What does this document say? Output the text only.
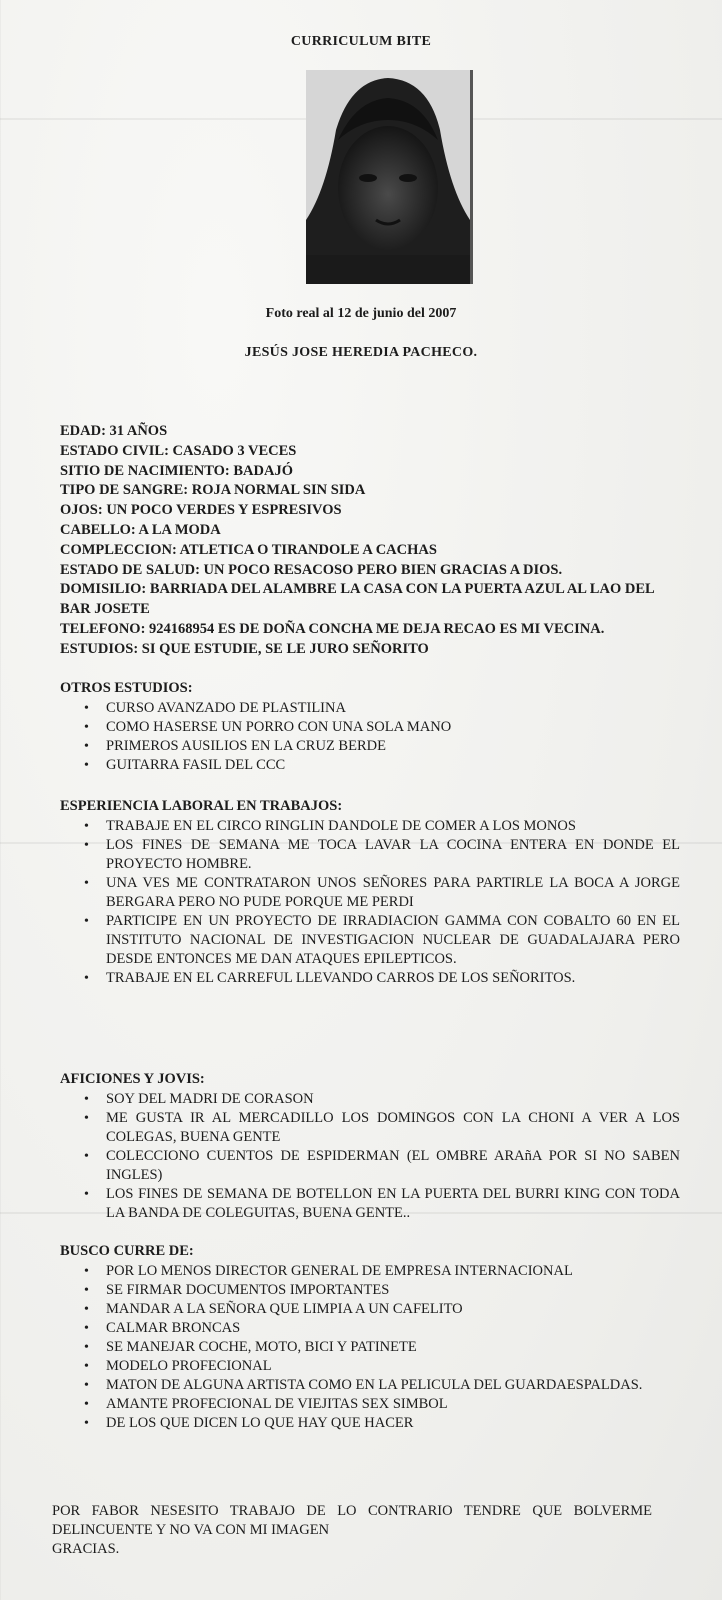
CURRICULUM BITE
Foto real al 12 de junio del 2007
JESÚS JOSE HEREDIA PACHECO.
EDAD: 31 AÑOS
ESTADO CIVIL: CASADO 3 VECES
SITIO DE NACIMIENTO: BADAJÓ
TIPO DE SANGRE: ROJA NORMAL SIN SIDA
OJOS: UN POCO VERDES Y ESPRESIVOS
CABELLO: A LA MODA
COMPLECCION: ATLETICA O TIRANDOLE A CACHAS
ESTADO DE SALUD: UN POCO RESACOSO PERO BIEN GRACIAS A DIOS.
DOMISILIO: BARRIADA DEL ALAMBRE LA CASA CON LA PUERTA AZUL AL LAO DEL BAR JOSETE
TELEFONO: 924168954 ES DE DOÑA CONCHA ME DEJA RECAO ES MI VECINA.
ESTUDIOS: SI QUE ESTUDIE, SE LE JURO SEÑORITO
OTROS ESTUDIOS:
• CURSO AVANZADO DE PLASTILINA
• COMO HASERSE UN PORRO CON UNA SOLA MANO
• PRIMEROS AUSILIOS EN LA CRUZ BERDE
• GUITARRA FASIL DEL CCC
ESPERIENCIA LABORAL EN TRABAJOS:
• TRABAJE EN EL CIRCO RINGLIN DANDOLE DE COMER A LOS MONOS
• LOS FINES DE SEMANA ME TOCA LAVAR LA COCINA ENTERA EN DONDE EL PROYECTO HOMBRE.
• UNA VES ME CONTRATARON UNOS SEÑORES PARA PARTIRLE LA BOCA A JORGE BERGARA PERO NO PUDE PORQUE ME PERDI
• PARTICIPE EN UN PROYECTO DE IRRADIACION GAMMA CON COBALTO 60 EN EL INSTITUTO NACIONAL DE INVESTIGACION NUCLEAR DE GUADALAJARA PERO DESDE ENTONCES ME DAN ATAQUES EPILEPTICOS.
• TRABAJE EN EL CARREFUL LLEVANDO CARROS DE LOS SEÑORITOS.
AFICIONES Y JOVIS:
• SOY DEL MADRI DE CORASON
• ME GUSTA IR AL MERCADILLO LOS DOMINGOS CON LA CHONI A VER A LOS COLEGAS, BUENA GENTE
• COLECCIONO CUENTOS DE ESPIDERMAN (EL OMBRE ARAñA POR SI NO SABEN INGLES)
• LOS FINES DE SEMANA DE BOTELLON EN LA PUERTA DEL BURRI KING CON TODA LA BANDA DE COLEGUITAS, BUENA GENTE..
BUSCO CURRE DE:
• POR LO MENOS DIRECTOR GENERAL DE EMPRESA INTERNACIONAL
• SE FIRMAR DOCUMENTOS IMPORTANTES
• MANDAR A LA SEÑORA QUE LIMPIA A UN CAFELITO
• CALMAR BRONCAS
• SE MANEJAR COCHE, MOTO, BICI Y PATINETE
• MODELO PROFECIONAL
• MATON DE ALGUNA ARTISTA COMO EN LA PELICULA DEL GUARDAESPALDAS.
• AMANTE PROFECIONAL DE VIEJITAS SEX SIMBOL
• DE LOS QUE DICEN LO QUE HAY QUE HACER
POR FABOR NESESITO TRABAJO DE LO CONTRARIO TENDRE QUE BOLVERME DELINCUENTE Y NO VA CON MI IMAGEN
GRACIAS.
